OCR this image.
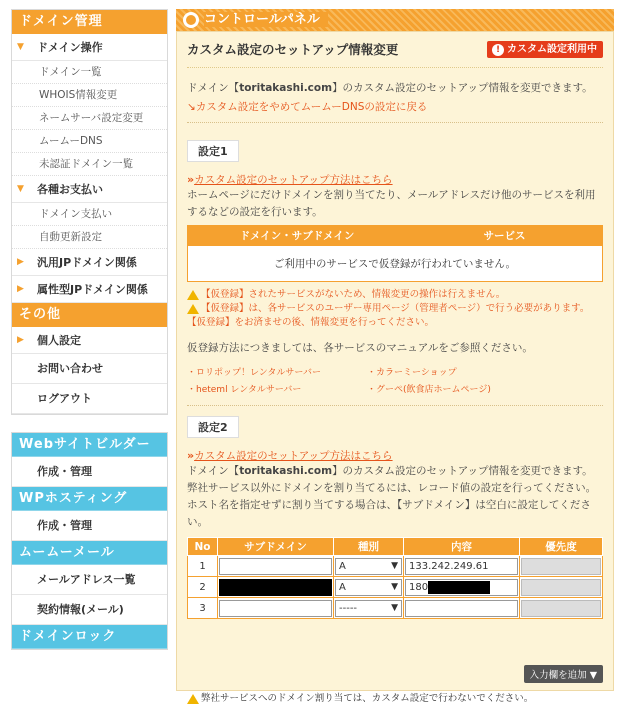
ドメイン管理
▼ ドメイン操作
ドメイン一覧
WHOIS情報変更
ネームサーバ設定変更
ムームーDNS
未認証ドメイン一覧
▼ 各種お支払い
ドメイン支払い
自動更新設定
▶ 汎用JPドメイン関係
▶ 属性型JPドメイン関係
その他
▶ 個人設定
お問い合わせ
ログアウト
Webサイトビルダー
作成・管理
WPホスティング
作成・管理
ムームーメール
メールアドレス一覧
契約情報(メール)
ドメインロック
コントロールパネル
カスタム設定のセットアップ情報変更	! カスタム設定利用中

ドメイン【toritakashi.com】のカスタム設定のセットアップ情報を変更できます。

↘カスタム設定をやめてムームーDNSの設定に戻る

設定1

»カスタム設定のセットアップ方法はこちら

ホームページにだけドメインを割り当てたり、メールアドレスだけ他のサービスを利用するなどの設定を行います。

ドメイン・サブドメイン	サービス
ご利用中のサービスで仮登録が行われていません。
【仮登録】されたサービスがないため、情報変更の操作は行えません。
【仮登録】は、各サービスのユーザー専用ページ（管理者ページ）で行う必要があります。
【仮登録】をお済ませの後、情報変更を行ってください。

仮登録方法につきましては、各サービスのマニュアルをご参照ください。

・ロリポップ！レンタルサーバー	・カラーミーショップ
・heteml レンタルサーバー	・グーペ(飲食店ホームページ)
設定2

»カスタム設定のセットアップ方法はこちら

ドメイン【toritakashi.com】のカスタム設定のセットアップ情報を変更できます。弊社サービス以外にドメインを割り当てるには、レコード値の設定を行ってください。ホスト名を指定せずに割り当てする場合は、【サブドメイン】は空白に設定してください。

No	サブドメイン	種別	内容	優先度
1		A ▼	133.242.249.61	

2		A ▼	180	

3		----- ▼		

入力欄を追加 ▼
弊社サービスへのドメイン割り当ては、カスタム設定で行わないでください。
